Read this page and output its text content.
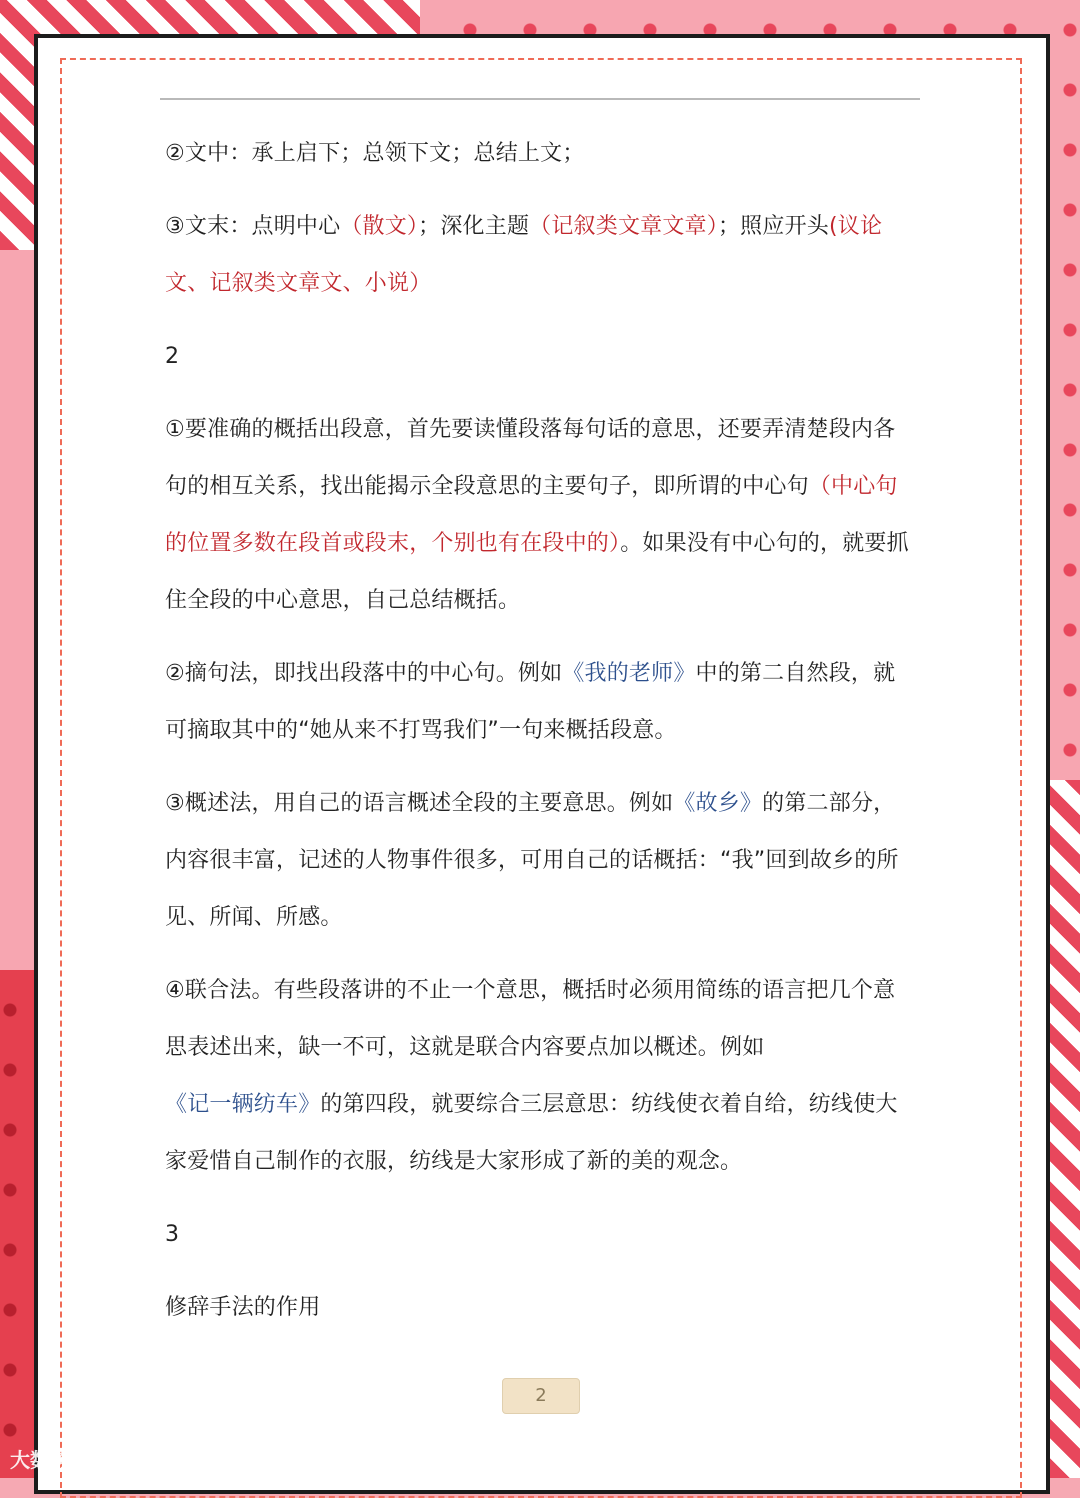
②文中：承上启下；总领下文；总结上文；

③文末：点明中心（散文）；深化主题（记叙类文章文章）；照应开头(议论文、记叙类文章文、小说）

2

①要准确的概括出段意，首先要读懂段落每句话的意思，还要弄清楚段内各句的相互关系，找出能揭示全段意思的主要句子，即所谓的中心句（中心句的位置多数在段首或段末，个别也有在段中的）。如果没有中心句的，就要抓住全段的中心意思，自己总结概括。

②摘句法，即找出段落中的中心句。例如《我的老师》中的第二自然段，就可摘取其中的“她从来不打骂我们”一句来概括段意。

③概述法，用自己的语言概述全段的主要意思。例如《故乡》的第二部分，内容很丰富，记述的人物事件很多，可用自己的话概括：“我”回到故乡的所见、所闻、所感。

④联合法。有些段落讲的不止一个意思，概括时必须用简练的语言把几个意思表述出来，缺一不可，这就是联合内容要点加以概述。例如《记一辆纺车》的第四段，就要综合三层意思：纺线使衣着自给，纺线使大家爱惜自己制作的衣服，纺线是大家形成了新的美的观念。

3

修辞手法的作用

2
大数跨境
